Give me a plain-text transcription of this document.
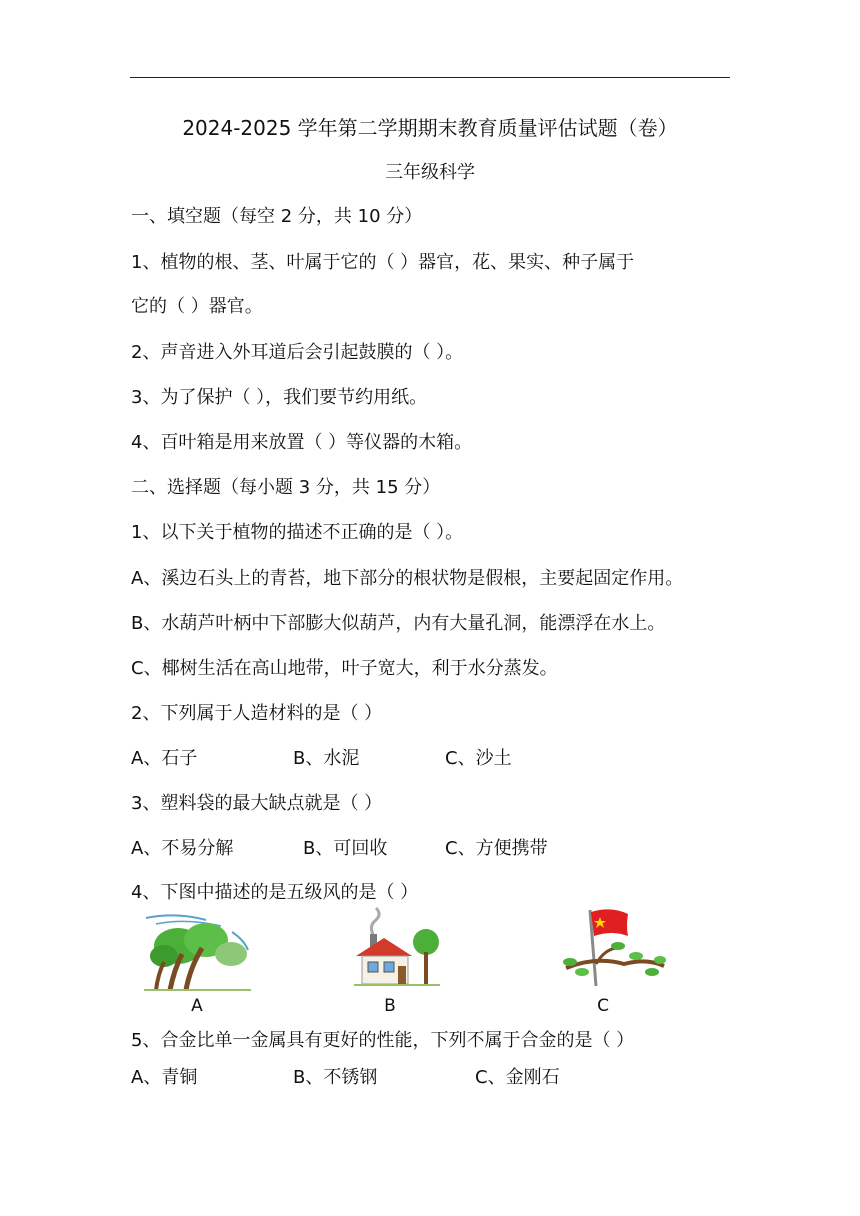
2024-2025 学年第二学期期末教育质量评估试题（卷）
三年级科学
一、填空题（每空 2 分，共 10 分）
1、植物的根、茎、叶属于它的（ ）器官，花、果实、种子属于
它的（ ）器官。
2、声音进入外耳道后会引起鼓膜的（ ）。
3、为了保护（ ），我们要节约用纸。
4、百叶箱是用来放置（ ）等仪器的木箱。
二、选择题（每小题 3 分，共 15 分）
1、以下关于植物的描述不正确的是（ ）。
A、溪边石头上的青苔，地下部分的根状物是假根，主要起固定作用。
B、水葫芦叶柄中下部膨大似葫芦，内有大量孔洞，能漂浮在水上。
C、椰树生活在高山地带，叶子宽大，利于水分蒸发。
2、下列属于人造材料的是（ ）
A、石子	B、水泥	C、沙土
3、塑料袋的最大缺点就是（ ）
A、不易分解	B、可回收	C、方便携带
4、下图中描述的是五级风的是（ ）
A	B	C
5、合金比单一金属具有更好的性能，下列不属于合金的是（ ）
A、青铜	B、不锈钢	C、金刚石
